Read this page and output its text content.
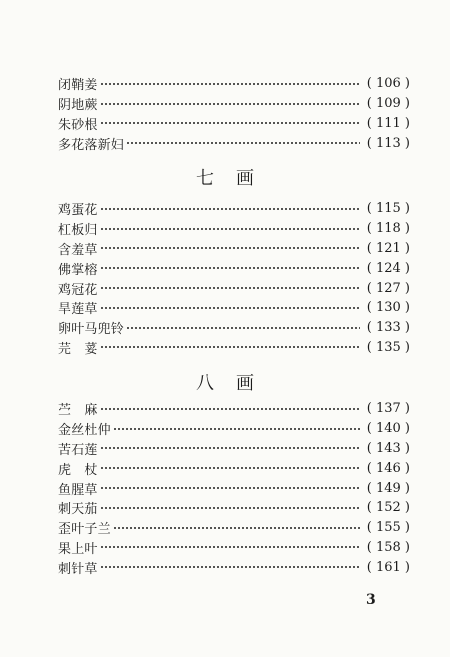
闭鞘姜	( 106 )
阴地蕨	( 109 )
朱砂根	( 111 )
多花落新妇	( 113 )
七画
鸡蛋花	( 115 )
杠板归	( 118 )
含羞草	( 121 )
佛掌榕	( 124 )
鸡冠花	( 127 )
旱莲草	( 130 )
卵叶马兜铃	( 133 )
芫　荽	( 135 )
八画
苎　麻	( 137 )
金丝杜仲	( 140 )
苦石莲	( 143 )
虎　杖	( 146 )
鱼腥草	( 149 )
刺天茄	( 152 )
歪叶子兰	( 155 )
果上叶	( 158 )
刺针草	( 161 )
3
